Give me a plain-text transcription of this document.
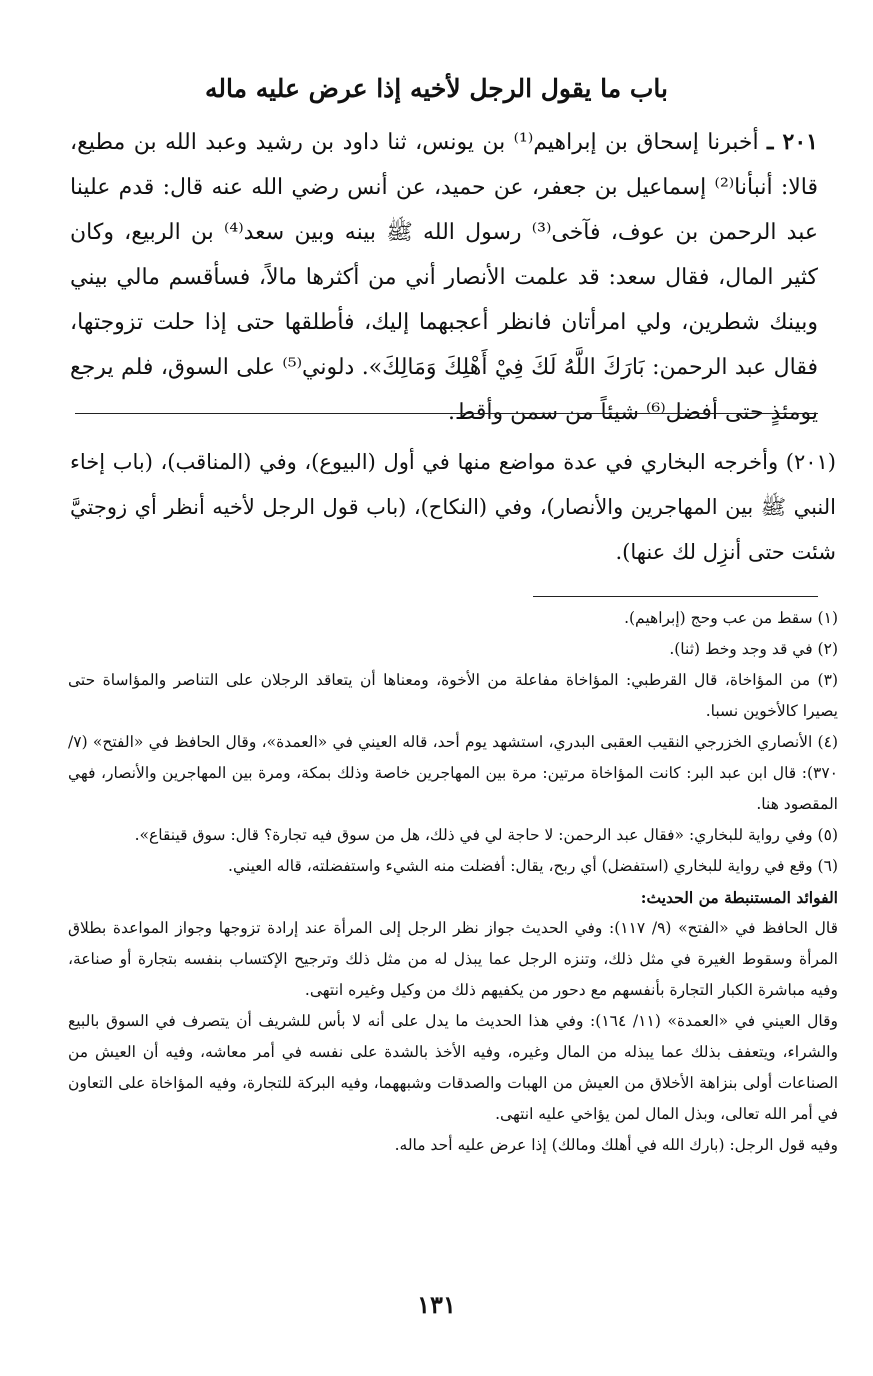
باب ما يقول الرجل لأخيه إذا عرض عليه ماله
٢٠١ ـ أخبرنا إسحاق بن إبراهيم⁽¹⁾ بن يونس، ثنا داود بن رشيد وعبد الله بن مطيع، قالا: أنبأنا⁽²⁾ إسماعيل بن جعفر، عن حميد، عن أنس رضي الله عنه قال: قدم علينا عبد الرحمن بن عوف، فآخى⁽³⁾ رسول الله ﷺ بينه وبين سعد⁽⁴⁾ بن الربيع، وكان كثير المال، فقال سعد: قد علمت الأنصار أني من أكثرها مالاً، فسأقسم مالي بيني وبينك شطرين، ولي امرأتان فانظر أعجبهما إليك، فأطلقها حتى إذا حلت تزوجتها، فقال عبد الرحمن: بَارَكَ اللَّهُ لَكَ فِيْ أَهْلِكَ وَمَالِكَ». دلوني⁽⁵⁾ على السوق، فلم يرجع يومئذٍ حتى أفضل⁽⁶⁾ شيئاً من سمن وأقط.
(٢٠١) وأخرجه البخاري في عدة مواضع منها في أول (البيوع)، وفي (المناقب)، (باب إخاء النبي ﷺ بين المهاجرين والأنصار)، وفي (النكاح)، (باب قول الرجل لأخيه أنظر أي زوجتيَّ شئت حتى أنزِل لك عنها).
(١) سقط من عب وحج (إبراهيم).
(٢) في قد وجد وخط (ثنا).
(٣) من المؤاخاة، قال القرطبي: المؤاخاة مفاعلة من الأخوة، ومعناها أن يتعاقد الرجلان على التناصر والمؤاساة حتى يصيرا كالأخوين نسبا.
(٤) الأنصاري الخزرجي النقيب العقبى البدري، استشهد يوم أحد، قاله العيني في «العمدة»، وقال الحافظ في «الفتح» (٧/ ٣٧٠): قال ابن عبد البر: كانت المؤاخاة مرتين: مرة بين المهاجرين خاصة وذلك بمكة، ومرة بين المهاجرين والأنصار، فهي المقصود هنا.
(٥) وفي رواية للبخاري: «فقال عبد الرحمن: لا حاجة لي في ذلك، هل من سوق فيه تجارة؟ قال: سوق قينقاع».
(٦) وقع في رواية للبخاري (استفضل) أي ربح، يقال: أفضلت منه الشيء واستفضلته، قاله العيني.
الفوائد المستنبطة من الحديث:
قال الحافظ في «الفتح» (٩/ ١١٧): وفي الحديث جواز نظر الرجل إلى المرأة عند إرادة تزوجها وجواز المواعدة بطلاق المرأة وسقوط الغيرة في مثل ذلك، وتنزه الرجل عما يبذل له من مثل ذلك وترجيح الإكتساب بنفسه بتجارة أو صناعة، وفيه مباشرة الكبار التجارة بأنفسهم مع دحور من يكفيهم ذلك من وكيل وغيره انتهى.
وقال العيني في «العمدة» (١١/ ١٦٤): وفي هذا الحديث ما يدل على أنه لا بأس للشريف أن يتصرف في السوق بالبيع والشراء، ويتعفف بذلك عما يبذله من المال وغيره، وفيه الأخذ بالشدة على نفسه في أمر معاشه، وفيه أن العيش من الصناعات أولى بنزاهة الأخلاق من العيش من الهبات والصدقات وشبههما، وفيه البركة للتجارة، وفيه المؤاخاة على التعاون في أمر الله تعالى، وبذل المال لمن يؤاخي عليه انتهى.
وفيه قول الرجل: (بارك الله في أهلك ومالك) إذا عرض عليه أحد ماله.
١٣١
